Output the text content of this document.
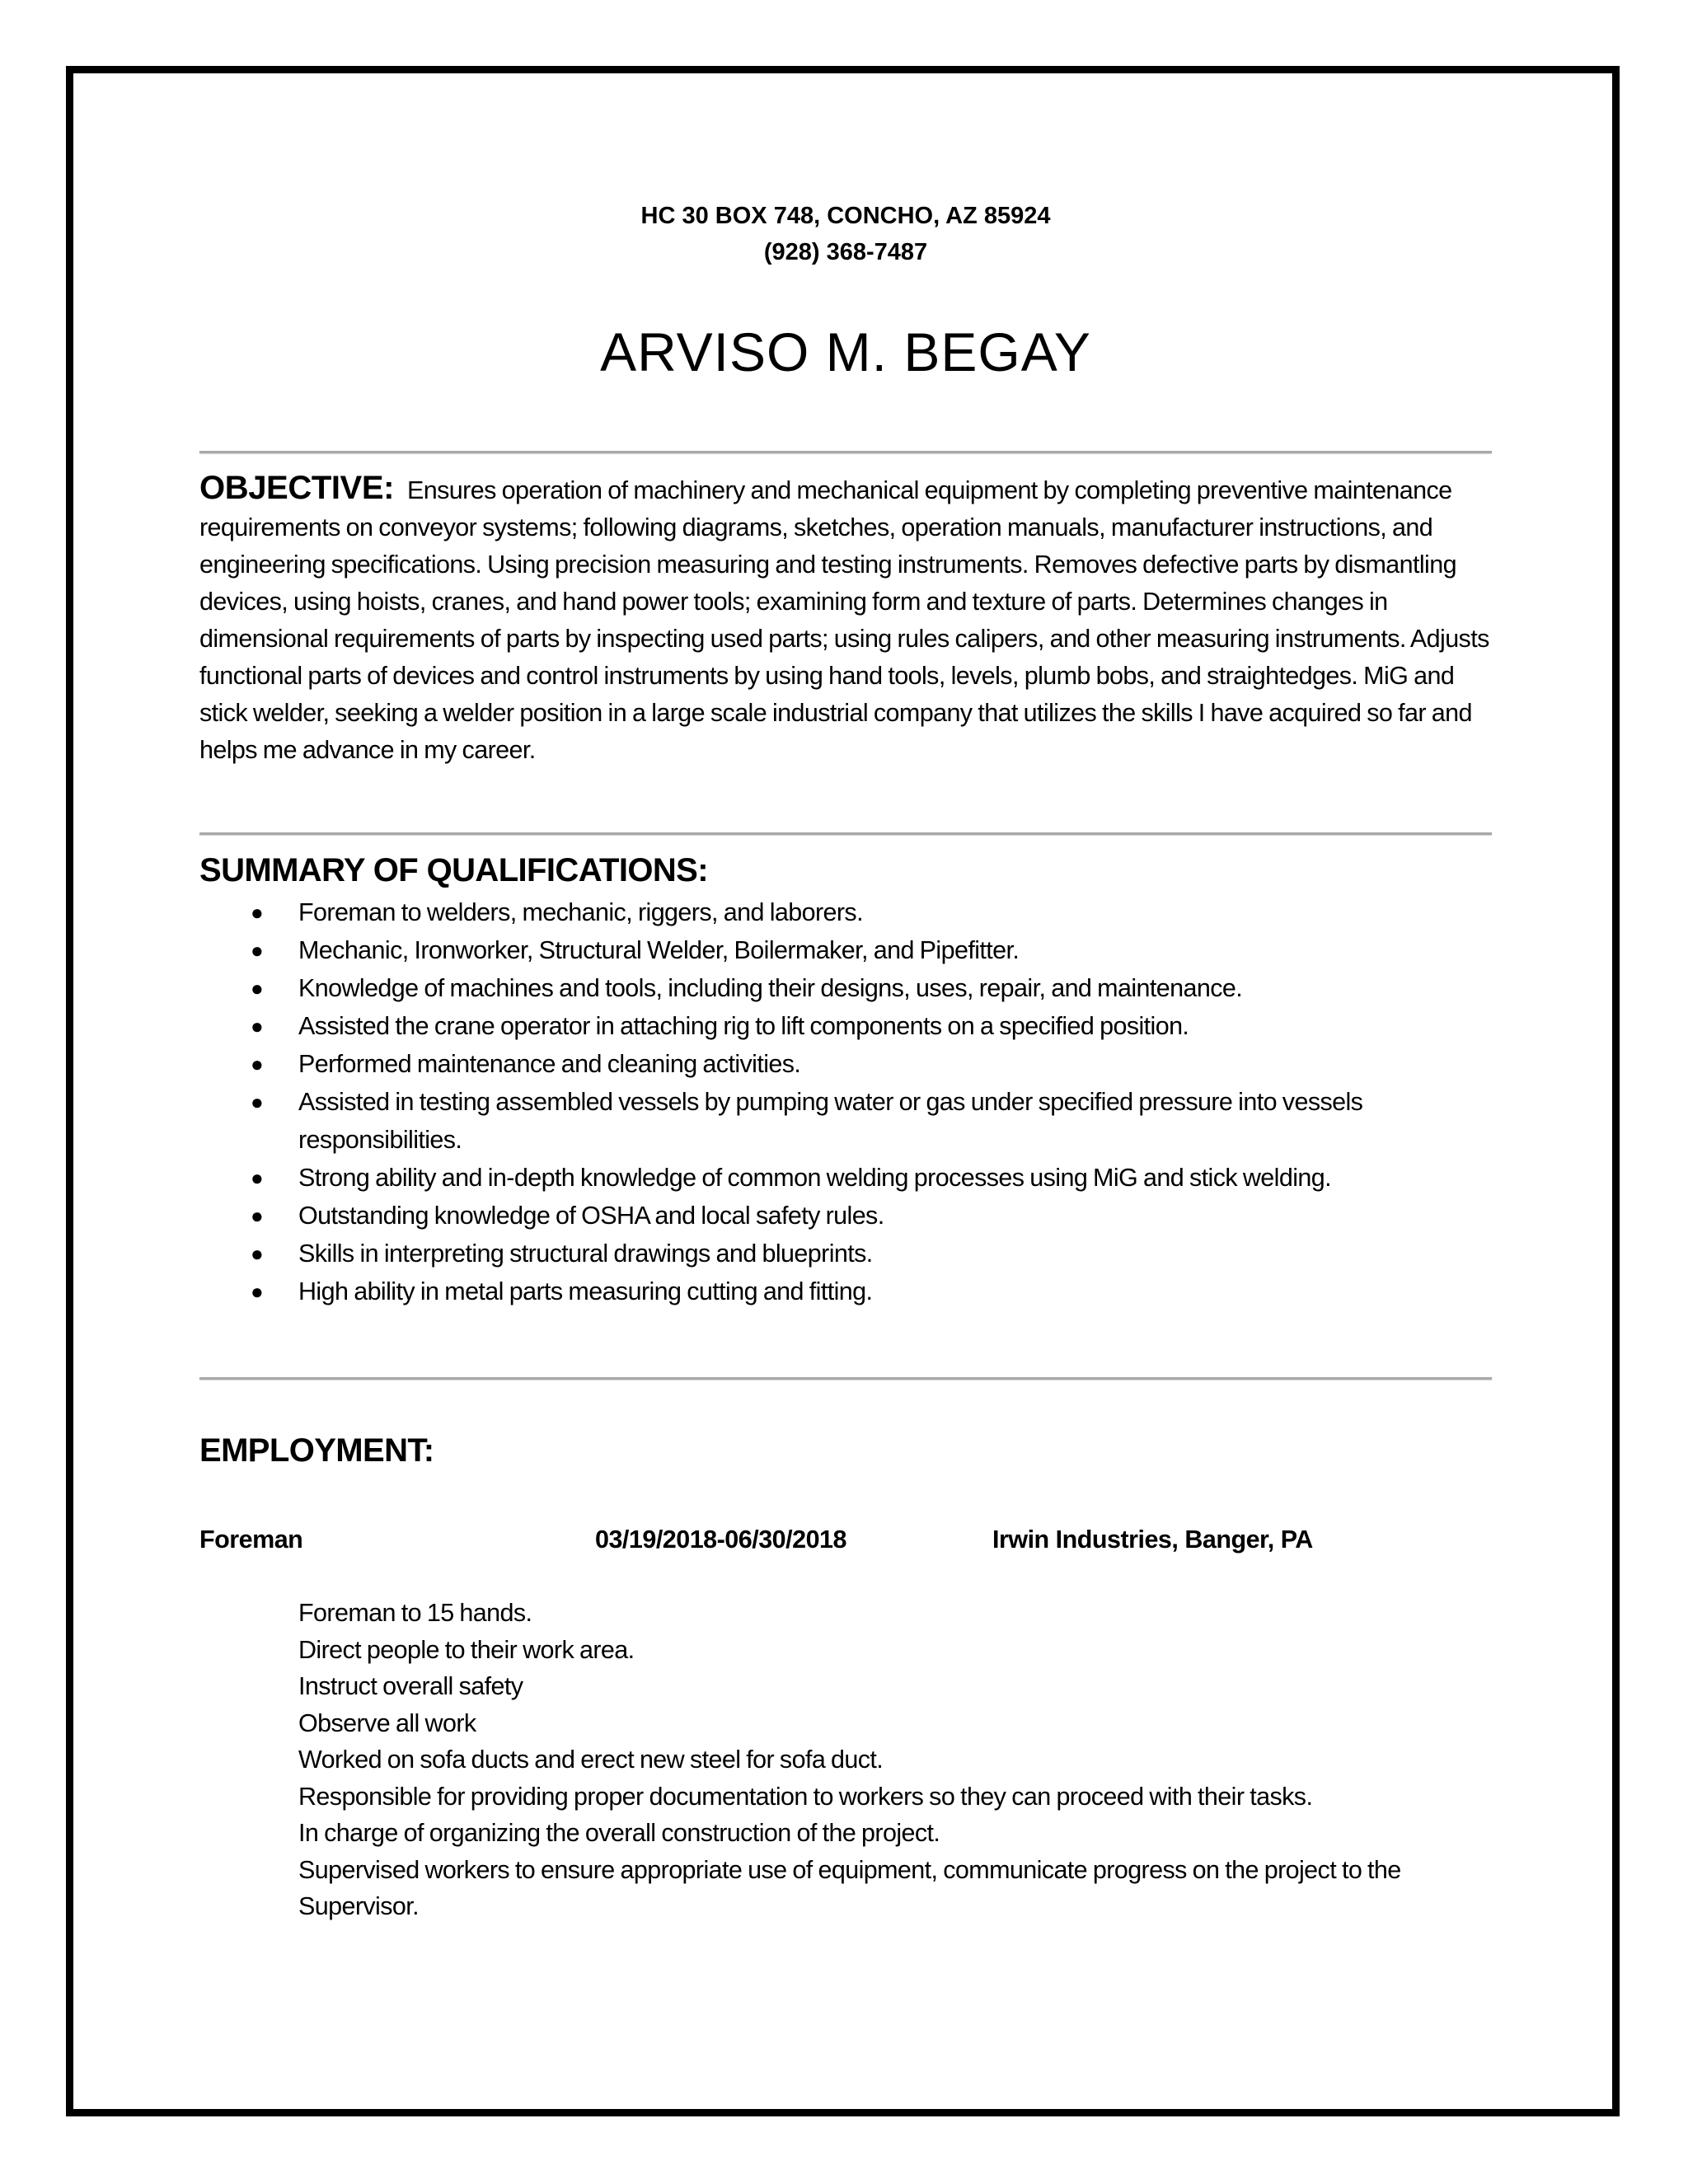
HC 30 BOX 748, CONCHO, AZ 85924
(928) 368-7487
ARVISO M. BEGAY
OBJECTIVE: Ensures operation of machinery and mechanical equipment by completing preventive maintenance requirements on conveyor systems; following diagrams, sketches, operation manuals, manufacturer instructions, and engineering specifications. Using precision measuring and testing instruments. Removes defective parts by dismantling devices, using hoists, cranes, and hand power tools; examining form and texture of parts. Determines changes in dimensional requirements of parts by inspecting used parts; using rules calipers, and other measuring instruments. Adjusts functional parts of devices and control instruments by using hand tools, levels, plumb bobs, and straightedges. MiG and stick welder, seeking a welder position in a large scale industrial company that utilizes the skills I have acquired so far and helps me advance in my career.
SUMMARY OF QUALIFICATIONS:
● Foreman to welders, mechanic, riggers, and laborers.
● Mechanic, Ironworker, Structural Welder, Boilermaker, and Pipefitter.
● Knowledge of machines and tools, including their designs, uses, repair, and maintenance.
● Assisted the crane operator in attaching rig to lift components on a specified position.
● Performed maintenance and cleaning activities.
● Assisted in testing assembled vessels by pumping water or gas under specified pressure into vessels responsibilities.
● Strong ability and in-depth knowledge of common welding processes using MiG and stick welding.
● Outstanding knowledge of OSHA and local safety rules.
● Skills in interpreting structural drawings and blueprints.
● High ability in metal parts measuring cutting and fitting.
EMPLOYMENT:
Foreman	03/19/2018-06/30/2018	Irwin Industries, Banger, PA
Foreman to 15 hands.
Direct people to their work area.
Instruct overall safety
Observe all work
Worked on sofa ducts and erect new steel for sofa duct.
Responsible for providing proper documentation to workers so they can proceed with their tasks.
In charge of organizing the overall construction of the project.
Supervised workers to ensure appropriate use of equipment, communicate progress on the project to the Supervisor.
